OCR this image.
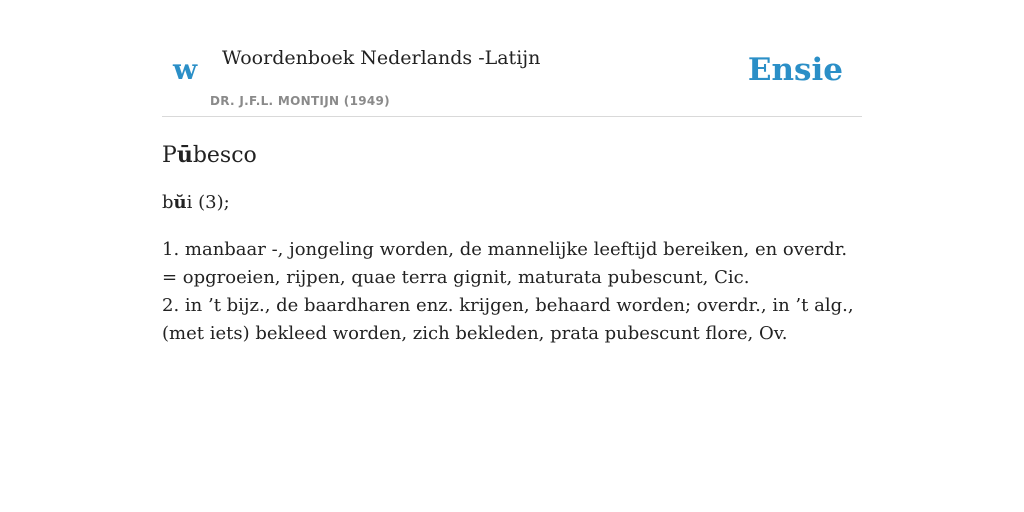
w Woordenboek Nederlands -Latijn
DR. J.F.L. MONTIJN (1949)
Ensie
Pūbesco
bŭi (3);
1. manbaar -, jongeling worden, de mannelijke leeftijd bereiken, en overdr. = opgroeien, rijpen, quae terra gignit, maturata pubescunt, Cic.
2. in ’t bijz., de baardharen enz. krijgen, behaard worden; overdr., in ’t alg., (met iets) bekleed worden, zich bekleden, prata pubescunt flore, Ov.
